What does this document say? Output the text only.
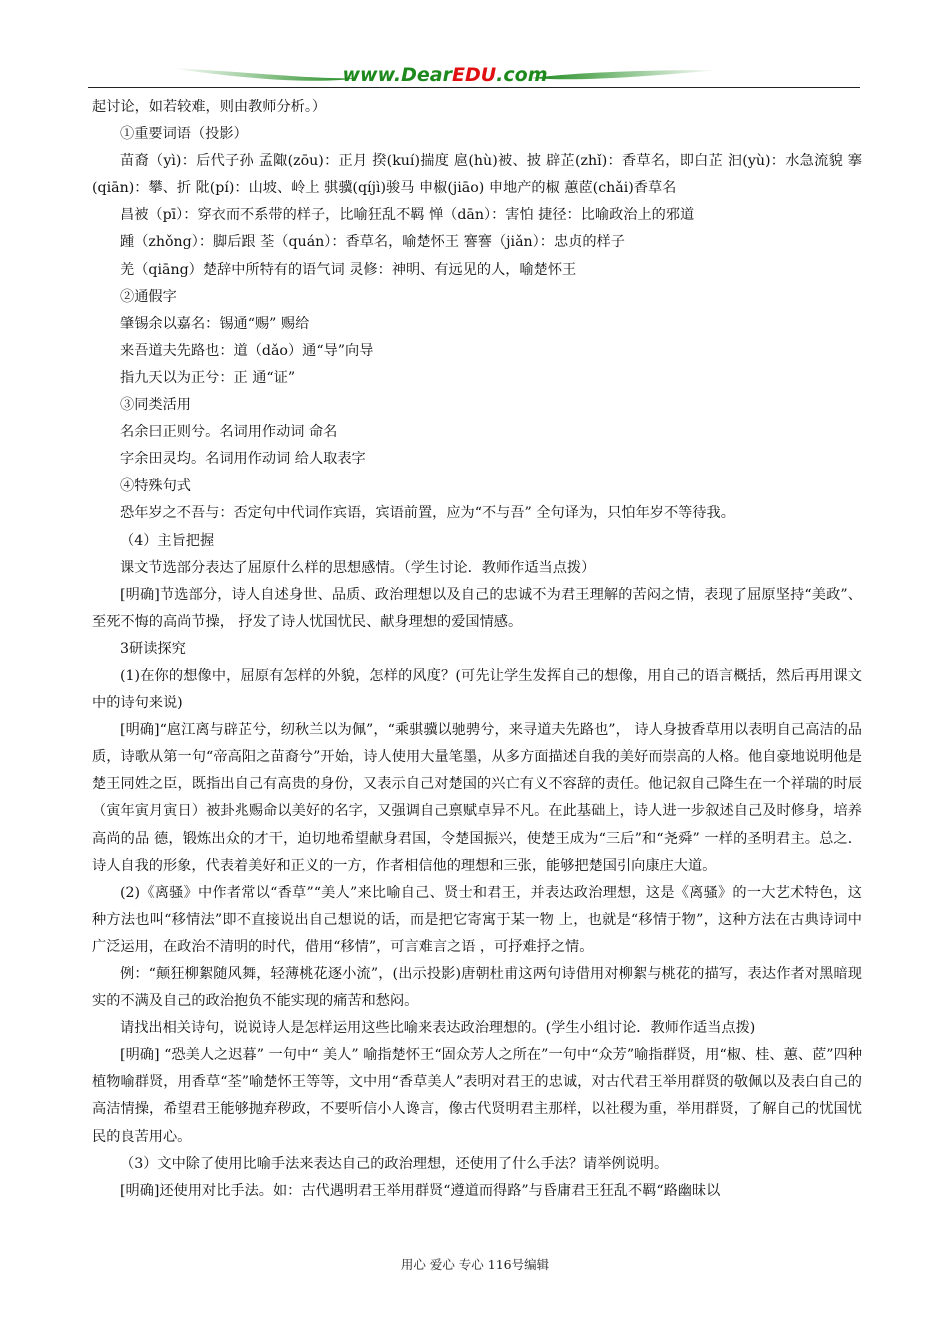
www.DearEDU.com

起讨论，如若较难，则由教师分析。）

①重要词语（投影）

苗裔（yì)：后代子孙 孟陬(zōu)：正月 揆(kuí)揣度 扈(hù)被、披 辟芷(zhǐ)：香草名，即白芷 汩(yù)：水急流貌 搴(qiān)：攀、折 阰(pí)：山坡、岭上 骐骥(qíjì)骏马 申椒(jiāo) 申地产的椒 蕙茝(chǎi)香草名

昌被（pī）：穿衣而不系带的样子，比喻狂乱不羁 惮（dān）：害怕 捷径：比喻政治上的邪道

踵（zhǒng）：脚后跟 荃（quán）：香草名，喻楚怀王 謇謇（jiǎn）：忠贞的样子

羌（qiāng）楚辞中所特有的语气词 灵修：神明、有远见的人，喻楚怀王

②通假字

肇锡余以嘉名：锡通“赐” 赐给

来吾道夫先路也：道（dǎo）通“导”向导

指九天以为正兮：正 通“证”

③同类活用

名余曰正则兮。名词用作动词 命名

字余田灵均。名词用作动词 给人取表字

④特殊句式

恐年岁之不吾与：否定句中代词作宾语，宾语前置，应为“不与吾” 全句译为，只怕年岁不等待我。

（4）主旨把握

课文节选部分表达了屈原什么样的思想感情。（学生讨论．教师作适当点拨）

[明确]节选部分，诗人自述身世、品质、政治理想以及自己的忠诚不为君王理解的苦闷之情，表现了屈原坚持“美政”、至死不悔的高尚节操， 抒发了诗人忧国忧民、献身理想的爱国情感。

3研读探究

(1)在你的想像中，屈原有怎样的外貌，怎样的风度？(可先让学生发挥自己的想像，用自己的语言概括，然后再用课文中的诗句来说)

[明确]“扈江离与辟芷兮，纫秋兰以为佩”，“乘骐骥以驰骋兮，来寻道夫先路也”， 诗人身披香草用以表明自己高洁的品质，诗歌从第一句“帝高阳之苗裔兮”开始，诗人使用大量笔墨，从多方面描述自我的美好而崇高的人格。他自豪地说明他是楚王同姓之臣，既指出自己有高贵的身份，又表示自己对楚国的兴亡有义不容辞的责任。他记叙自己降生在一个祥瑞的时辰（寅年寅月寅日）被卦兆赐命以美好的名字，又强调自己禀赋卓异不凡。在此基础上，诗人进一步叙述自己及时修身，培养高尚的品 德，锻炼出众的才干，迫切地希望献身君国，令楚国振兴，使楚王成为“三后”和“尧舜” 一样的圣明君主。总之．诗人自我的形象，代表着美好和正义的一方，作者相信他的理想和三张，能够把楚国引向康庄大道。

(2)《离骚》中作者常以“香草”“美人”来比喻自己、贤士和君王，并表达政治理想，这是《离骚》的一大艺术特色，这种方法也叫“移情法”即不直接说出自己想说的话，而是把它寄寓于某一物 上，也就是“移情于物”，这种方法在古典诗词中广泛运用，在政治不清明的时代，借用“移情”，可言难言之语 ，可抒难抒之情。

例：“颠狂柳絮随风舞，轻薄桃花逐小流”，(出示投影)唐朝杜甫这两句诗借用对柳絮与桃花的描写，表达作者对黑暗现实的不满及自己的政治抱负不能实现的痛苦和愁闷。

请找出相关诗句，说说诗人是怎样运用这些比喻来表达政治理想的。(学生小组讨论．教师作适当点拨)

[明确] “恐美人之迟暮” 一句中“ 美人” 喻指楚怀王“固众芳人之所在”一句中“众芳”喻指群贤，用“椒、桂、蕙、茝”四种植物喻群贤，用香草“荃”喻楚怀王等等，文中用“香草美人”表明对君王的忠诚，对古代君王举用群贤的敬佩以及表白自己的高洁情操，希望君王能够抛弃秽政，不要听信小人谗言，像古代贤明君主那样，以社稷为重，举用群贤，了解自己的忧国忧民的良苦用心。

（3）文中除了使用比喻手法来表达自己的政治理想，还使用了什么手法？请举例说明。

[明确]还使用对比手法。如：古代遇明君王举用群贤“遵道而得路”与昏庸君王狂乱不羁“路幽昧以

用心 爱心 专心 116号编辑
